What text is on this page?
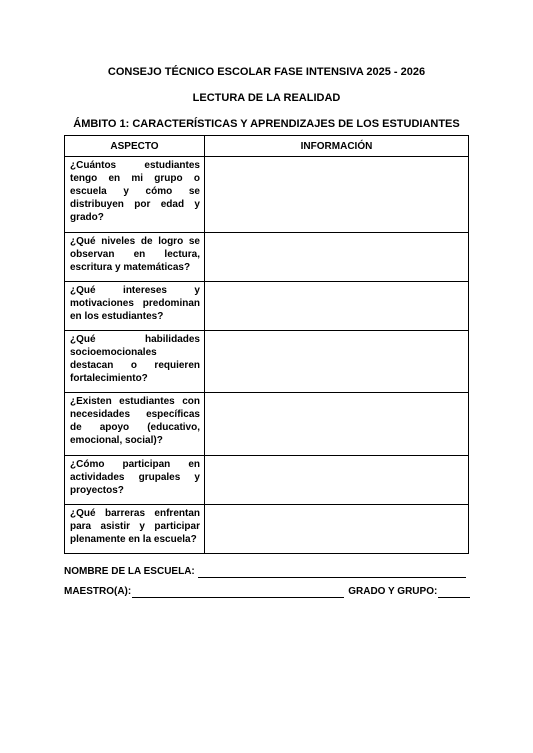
CONSEJO TÉCNICO ESCOLAR FASE INTENSIVA 2025 - 2026
LECTURA DE LA REALIDAD
ÁMBITO 1: CARACTERÍSTICAS Y APRENDIZAJES DE LOS ESTUDIANTES
ASPECTO	INFORMACIÓN

¿Cuántos estudiantes tengo en mi grupo o escuela y cómo se distribuyen por edad y grado?	

¿Qué niveles de logro se observan en lectura, escritura y matemáticas?	

¿Qué intereses y motivaciones predominan en los estudiantes?	

¿Qué habilidades socioemocionales destacan o requieren fortalecimiento?	

¿Existen estudiantes con necesidades específicas de apoyo (educativo, emocional, social)?	

¿Cómo participan en actividades grupales y proyectos?	

¿Qué barreras enfrentan para asistir y participar plenamente en la escuela?	

NOMBRE DE LA ESCUELA:
MAESTRO(A):	GRADO Y GRUPO:
